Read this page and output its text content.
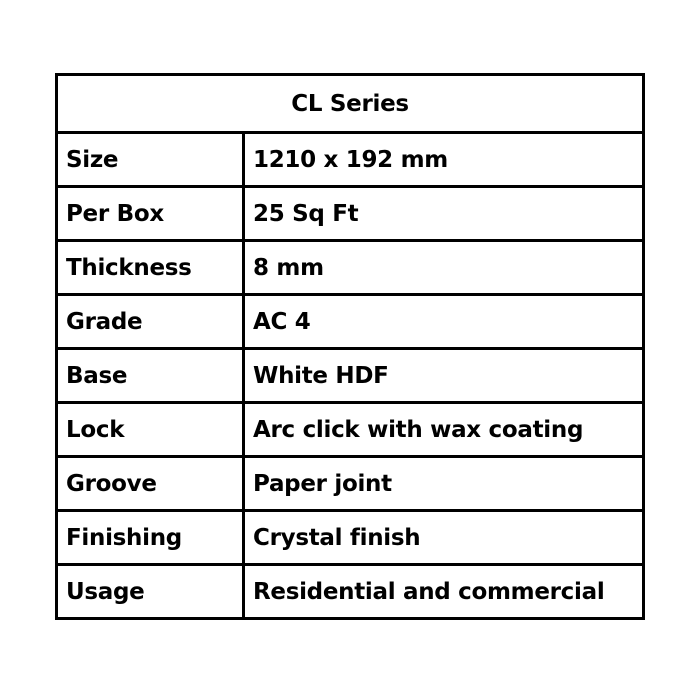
CL Series	
Size	1210 x 192 mm
Per Box	25 Sq Ft
Thickness	8 mm
Grade	AC 4
Base	White HDF
Lock	Arc click with wax coating
Groove	Paper joint
Finishing	Crystal finish
Usage	Residential and commercial
